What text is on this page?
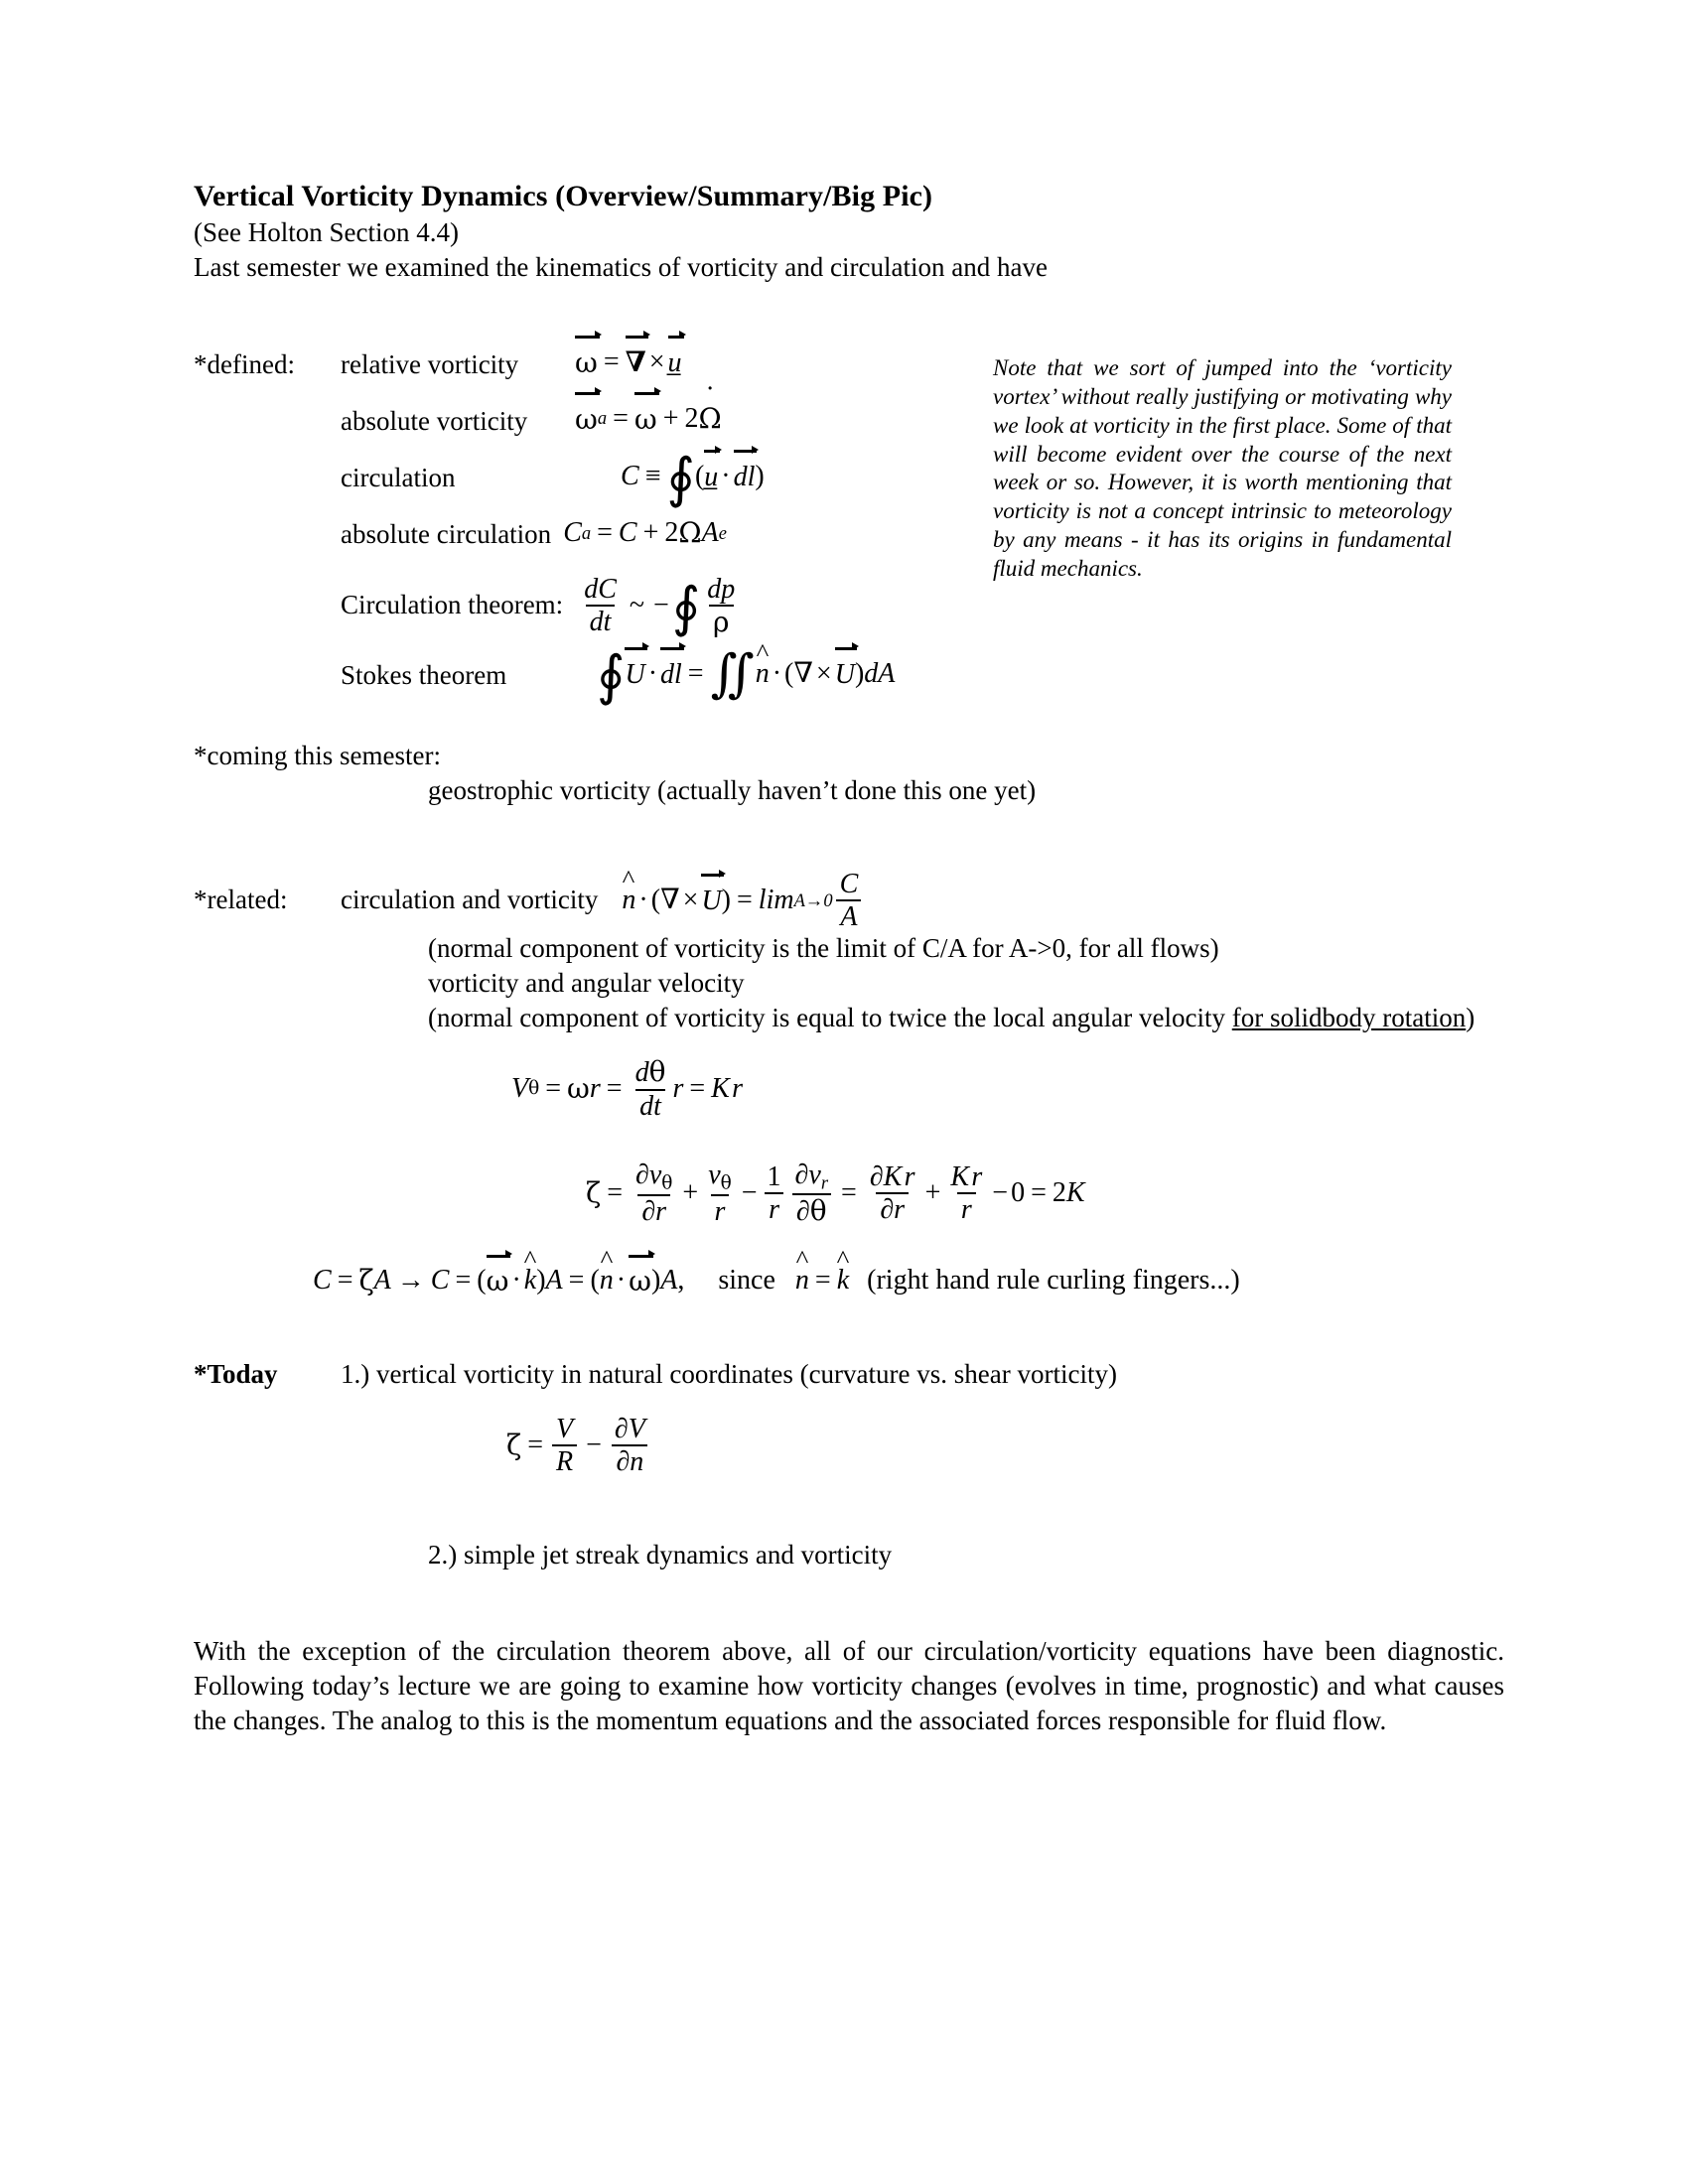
Note that we sort of jumped into the ‘vorticity vortex’ without really justifying or motivating why we look at vorticity in the first place. Some of that will become evident over the course of the next week or so. However, it is worth mentioning that vorticity is not a concept intrinsic to meteorology by any means - it has its origins in fundamental fluid mechanics.
Vertical Vorticity Dynamics (Overview/Summary/Big Pic)
(See Holton Section 4.4)
Last semester we examined the kinematics of vorticity and circulation and have
*defined:	relative vorticity	ω = ∇ × u̲
absolute vorticity	ω a = ω + 2 Ω ˙
circulation	C ≡ ∮ ( u̲ · dl )
absolute circulation C a = C + 2 Ω A e
Circulation theorem: $\frac{dC}{dt}$ ~ − ∮ $\frac{dp}{\rho}$
Stokes theorem	∮ U · dl = ∬ n ^ · ( ∇ × U ) dA
*coming this semester:
geostrophic vorticity (actually haven’t done this one yet)
*related:	circulation and vorticity n ^ · ( ∇ × U ) = $\lim A\to 0 \frac{C}{A}$
(normal component of vorticity is the limit of C/A for A->0, for all flows)
vorticity and angular velocity
(normal component of vorticity is equal to twice the local angular velocity for solidbody rotation)
V θ = ω $r = \frac{d\theta}{dt}$ r = K r
$\zeta = \frac{\partial v_\theta}{\partial r} + \frac{v_\theta}{r} - \frac{1}{r} \frac{\partial v_r}{\partial\theta} = \frac{\text{∂K r}}{\partial r} + \frac{\text{K r}}{r} - 0 = 2$ K
C = ζ A → C = ( ω · k ^ ) A = ( n ^ · ω ) A ,
since n ^ = k ^ (right hand rule curling fingers...)
*Today	1.) vertical vorticity in natural coordinates (curvature vs. shear vorticity)
$\zeta = \frac{V}{R} - \frac{\partial V}{\partial n}$
2.) simple jet streak dynamics and vorticity
With the exception of the circulation theorem above, all of our circulation/vorticity equations have been diagnostic. Following today’s lecture we are going to examine how vorticity changes (evolves in time, prognostic) and what causes the changes. The analog to this is the momentum equations and the associated forces responsible for fluid flow.
